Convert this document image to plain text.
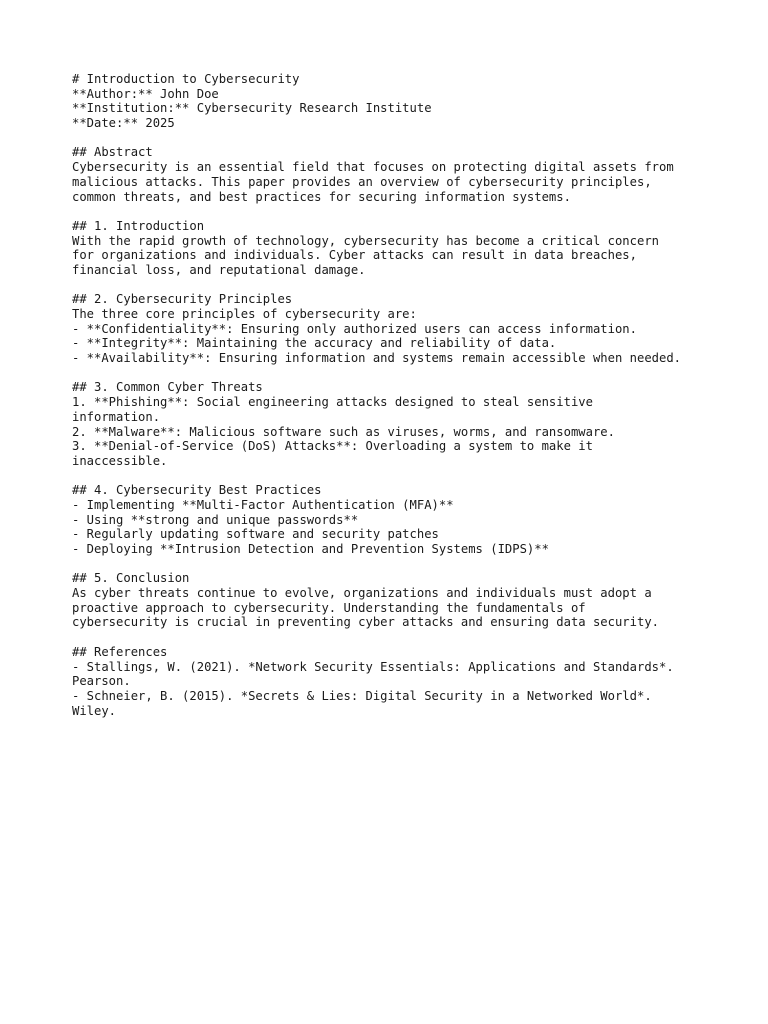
# Introduction to Cybersecurity
**Author:** John Doe
**Institution:** Cybersecurity Research Institute
**Date:** 2025
## Abstract
Cybersecurity is an essential field that focuses on protecting digital assets from
malicious attacks. This paper provides an overview of cybersecurity principles,
common threats, and best practices for securing information systems.
## 1. Introduction
With the rapid growth of technology, cybersecurity has become a critical concern
for organizations and individuals. Cyber attacks can result in data breaches,
financial loss, and reputational damage.
## 2. Cybersecurity Principles
The three core principles of cybersecurity are:
- **Confidentiality**: Ensuring only authorized users can access information.
- **Integrity**: Maintaining the accuracy and reliability of data.
- **Availability**: Ensuring information and systems remain accessible when needed.
## 3. Common Cyber Threats
1. **Phishing**: Social engineering attacks designed to steal sensitive
information.
2. **Malware**: Malicious software such as viruses, worms, and ransomware.
3. **Denial-of-Service (DoS) Attacks**: Overloading a system to make it
inaccessible.
## 4. Cybersecurity Best Practices
- Implementing **Multi-Factor Authentication (MFA)**
- Using **strong and unique passwords**
- Regularly updating software and security patches
- Deploying **Intrusion Detection and Prevention Systems (IDPS)**
## 5. Conclusion
As cyber threats continue to evolve, organizations and individuals must adopt a
proactive approach to cybersecurity. Understanding the fundamentals of
cybersecurity is crucial in preventing cyber attacks and ensuring data security.
## References
- Stallings, W. (2021). *Network Security Essentials: Applications and Standards*.
Pearson.
- Schneier, B. (2015). *Secrets & Lies: Digital Security in a Networked World*.
Wiley.
